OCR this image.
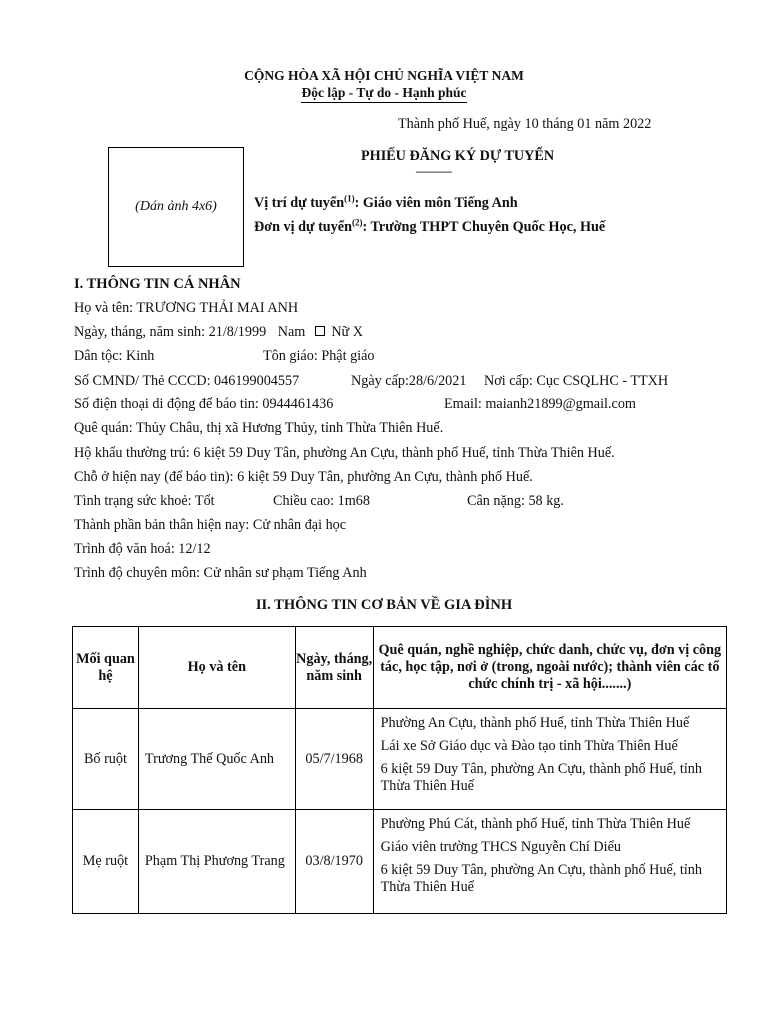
CỘNG HÒA XÃ HỘI CHỦ NGHĨA VIỆT NAM
Độc lập - Tự do - Hạnh phúc
Thành phố Huế, ngày 10 tháng 01 năm 2022
(Dán ảnh 4x6)
PHIẾU ĐĂNG KÝ DỰ TUYỂN
______
Vị trí dự tuyển$^{(1)}$: Giáo viên môn Tiếng Anh
Đơn vị dự tuyển$^{(2)}$: Trường THPT Chuyên Quốc Học, Huế
I. THÔNG TIN CÁ NHÂN
Họ và tên: TRƯƠNG THẢI MAI ANH
Ngày, tháng, năm sinh: 21/8/1999 Nam Nữ X
Dân tộc: Kinh	Tôn giáo: Phật giáo
Số CMND/ Thẻ CCCD: 046199004557	Ngày cấp:28/6/2021 Nơi cấp: Cục CSQLHC - TTXH
Số điện thoại di động để báo tin: 0944461436	Email: maianh21899@gmail.com
Quê quán: Thủy Châu, thị xã Hương Thủy, tỉnh Thừa Thiên Huế.
Hộ khẩu thường trú: 6 kiệt 59 Duy Tân, phường An Cựu, thành phố Huế, tỉnh Thừa Thiên Huế.
Chỗ ở hiện nay (để báo tin): 6 kiệt 59 Duy Tân, phường An Cựu, thành phố Huế.
Tình trạng sức khoẻ: Tốt	Chiều cao: 1m68	Cân nặng: 58 kg.
Thành phần bản thân hiện nay: Cử nhân đại học
Trình độ văn hoá: 12/12
Trình độ chuyên môn: Cử nhân sư phạm Tiếng Anh
II. THÔNG TIN CƠ BẢN VỀ GIA ĐÌNH
Mối quan hệ	Họ và tên	Ngày, tháng, năm sinh	Quê quán, nghề nghiệp, chức danh, chức vụ, đơn vị công tác, học tập, nơi ở (trong, ngoài nước); thành viên các tổ chức chính trị - xã hội.......)
Bố ruột	Trương Thế Quốc Anh	05/7/1968	Phường An Cựu, thành phố Huế, tỉnh Thừa Thiên Huế

Lái xe Sở Giáo dục và Đào tạo tỉnh Thừa Thiên Huế

6 kiệt 59 Duy Tân, phường An Cựu, thành phố Huế, tỉnh Thừa Thiên Huế

Mẹ ruột	Phạm Thị Phương Trang	03/8/1970	Phường Phú Cát, thành phố Huế, tỉnh Thừa Thiên Huế

Giáo viên trường THCS Nguyễn Chí Diểu

6 kiệt 59 Duy Tân, phường An Cựu, thành phố Huế, tỉnh Thừa Thiên Huế
